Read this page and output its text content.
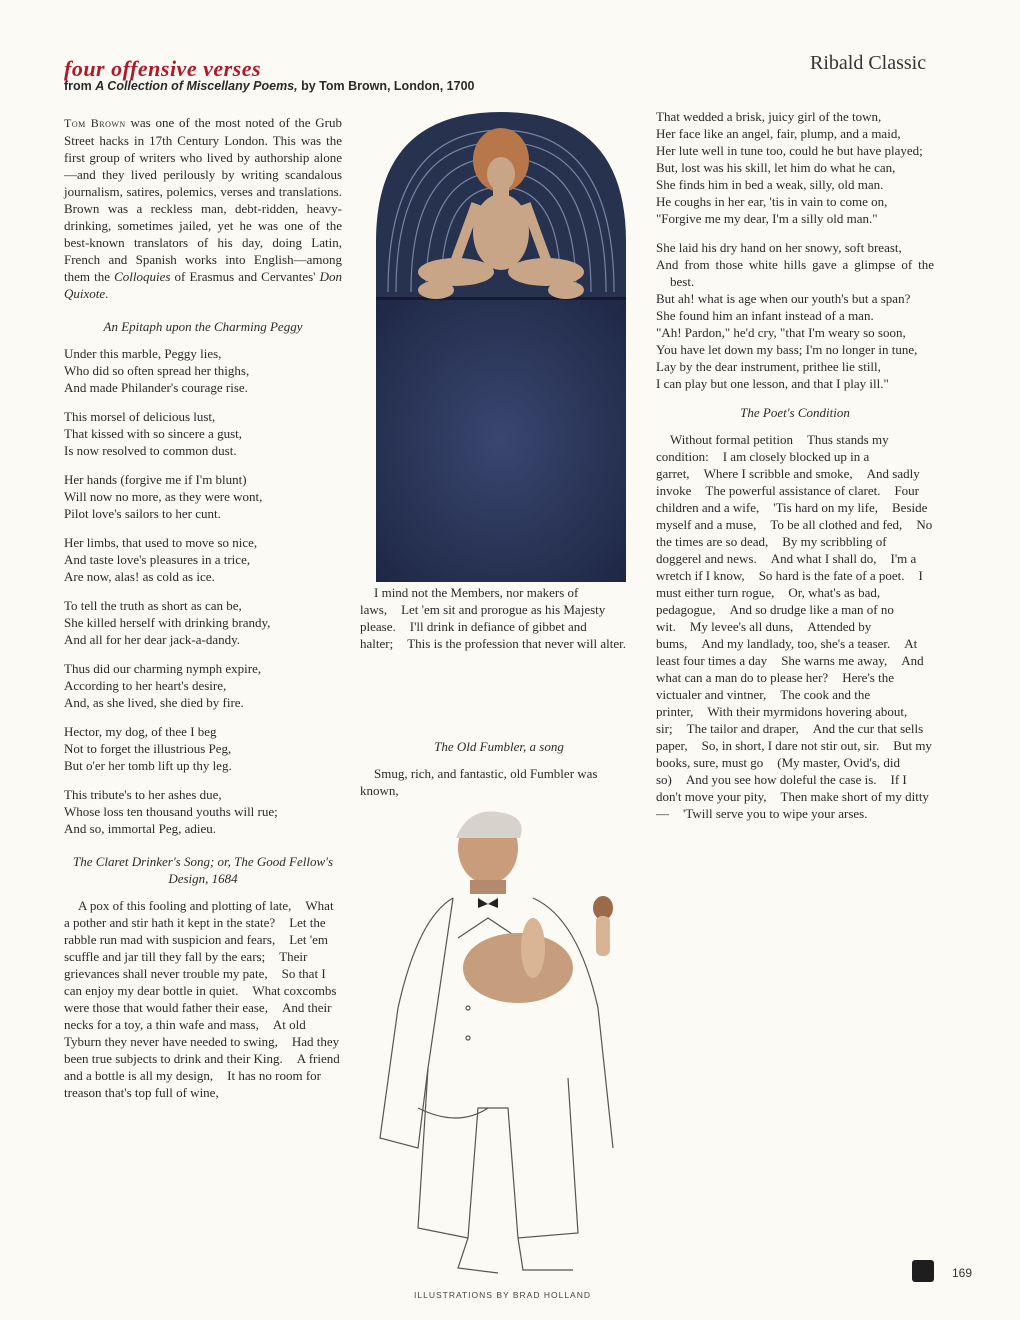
four offensive verses
from A Collection of Miscellany Poems, by Tom Brown, London, 1700
Ribald Classic

Tom Brown was one of the most noted of the Grub Street hacks in 17th Century London. This was the first group of writers who lived by authorship alone—and they lived perilously by writing scandalous journalism, satires, polemics, verses and translations. Brown was a reckless man, debt-ridden, heavy-drinking, sometimes jailed, yet he was one of the best-known translators of his day, doing Latin, French and Spanish works into English—among them the Colloquies of Erasmus and Cervantes' Don Quixote.

An Epitaph upon the Charming Peggy
Under this marble, Peggy lies,
Who did so often spread her thighs,
And made Philander's courage rise.
This morsel of delicious lust,
That kissed with so sincere a gust,
Is now resolved to common dust.
Her hands (forgive me if I'm blunt)
Will now no more, as they were wont,
Pilot love's sailors to her cunt.
Her limbs, that used to move so nice,
And taste love's pleasures in a trice,
Are now, alas! as cold as ice.
To tell the truth as short as can be,
She killed herself with drinking brandy,
And all for her dear jack-a-dandy.
Thus did our charming nymph expire,
According to her heart's desire,
And, as she lived, she died by fire.
Hector, my dog, of thee I beg
Not to forget the illustrious Peg,
But o'er her tomb lift up thy leg.
This tribute's to her ashes due,
Whose loss ten thousand youths will rue;
And so, immortal Peg, adieu.
The Claret Drinker's Song; or, The Good Fellow's Design, 1684
A pox of this fooling and plotting of late, What a pother and stir hath it kept in the state? Let the rabble run mad with suspicion and fears, Let 'em scuffle and jar till they fall by the ears; Their grievances shall never trouble my pate, So that I can enjoy my dear bottle in quiet. What coxcombs were those that would father their ease, And their necks for a toy, a thin wafe and mass, At old Tyburn they never have needed to swing, Had they been true subjects to drink and their King. A friend and a bottle is all my design, It has no room for treason that's top full of wine,
I mind not the Members, nor makers of laws, Let 'em sit and prorogue as his Majesty please. I'll drink in defiance of gibbet and halter; This is the profession that never will alter.
The Old Fumbler, a song
Smug, rich, and fantastic, old Fumbler was known,
ILLUSTRATIONS BY BRAD HOLLAND
That wedded a brisk, juicy girl of the town,
Her face like an angel, fair, plump, and a maid,
Her lute well in tune too, could he but have played;
But, lost was his skill, let him do what he can,
She finds him in bed a weak, silly, old man.
He coughs in her ear, 'tis in vain to come on,
"Forgive me my dear, I'm a silly old man."
She laid his dry hand on her snowy, soft breast,
And from those white hills gave a glimpse of the best.
But ah! what is age when our youth's but a span?
She found him an infant instead of a man.
"Ah! Pardon," he'd cry, "that I'm weary so soon,
You have let down my bass; I'm no longer in tune,
Lay by the dear instrument, prithee lie still,
I can play but one lesson, and that I play ill."
The Poet's Condition
Without formal petition Thus stands my condition: I am closely blocked up in a garret, Where I scribble and smoke, And sadly invoke The powerful assistance of claret. Four children and a wife, 'Tis hard on my life, Beside myself and a muse, To be all clothed and fed, No the times are so dead, By my scribbling of doggerel and news. And what I shall do, I'm a wretch if I know, So hard is the fate of a poet. I must either turn rogue, Or, what's as bad, pedagogue, And so drudge like a man of no wit. My levee's all duns, Attended by bums, And my landlady, too, she's a teaser. At least four times a day She warns me away, And what can a man do to please her? Here's the victualer and vintner, The cook and the printer, With their myrmidons hovering about, sir; The tailor and draper, And the cur that sells paper, So, in short, I dare not stir out, sir. But my books, sure, must go (My master, Ovid's, did so) And you see how doleful the case is. If I don't move your pity, Then make short of my ditty— 'Twill serve you to wipe your arses.
169
